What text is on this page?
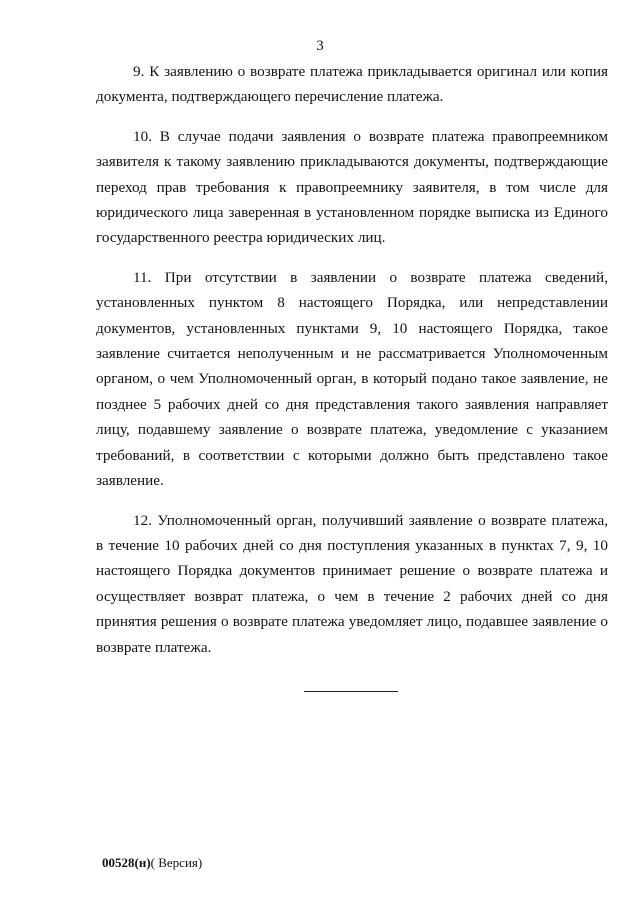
3

9. К заявлению о возврате платежа прикладывается оригинал или копия документа, подтверждающего перечисление платежа.

10. В случае подачи заявления о возврате платежа правопреемником заявителя к такому заявлению прикладываются документы, подтверждающие переход прав требования к правопреемнику заявителя, в том числе для юридического лица заверенная в установленном порядке выписка из Единого государственного реестра юридических лиц.

11. При отсутствии в заявлении о возврате платежа сведений, установленных пунктом 8 настоящего Порядка, или непредставлении документов, установленных пунктами 9, 10 настоящего Порядка, такое заявление считается неполученным и не рассматривается Уполномоченным органом, о чем Уполномоченный орган, в который подано такое заявление, не позднее 5 рабочих дней со дня представления такого заявления направляет лицу, подавшему заявление о возврате платежа, уведомление с указанием требований, в соответствии с которыми должно быть представлено такое заявление.

12. Уполномоченный орган, получивший заявление о возврате платежа, в течение 10 рабочих дней со дня поступления указанных в пунктах 7, 9, 10 настоящего Порядка документов принимает решение о возврате платежа и осуществляет возврат платежа, о чем в течение 2 рабочих дней со дня принятия решения о возврате платежа уведомляет лицо, подавшее заявление о возврате платежа.

00528(н)( Версия)
